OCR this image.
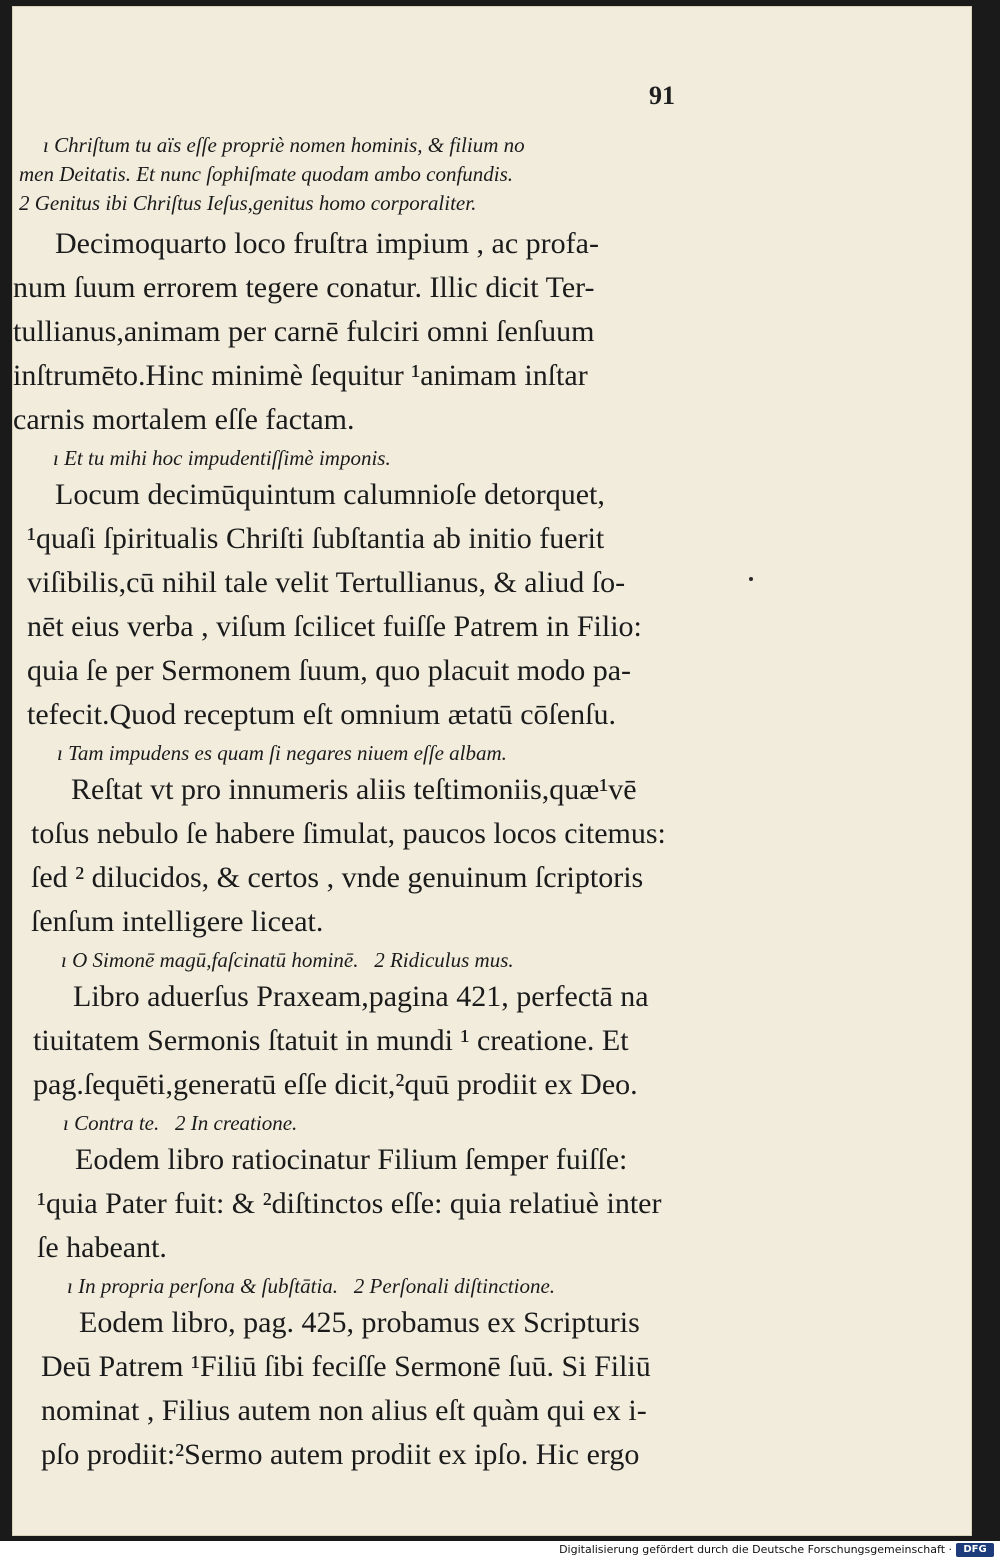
91
ı Chriſtum tu aïs eſſe propriè nomen hominis, & filium no
men Deitatis. Et nunc ſophiſmate quodam ambo confundis.
2 Genitus ibi Chriſtus Ieſus,genitus homo corporaliter.
Decimoquarto loco fruſtra impium , ac profa-
num ſuum errorem tegere conatur. Illic dicit Ter-
tullianus,animam per carnē fulciri omni ſenſuum
inſtrumēto.Hinc minimè ſequitur ¹animam inſtar
carnis mortalem eſſe factam.
ı Et tu mihi hoc impudentiſſimè imponis.
Locum decimūquintum calumnioſe detorquet,
¹quaſi ſpiritualis Chriſti ſubſtantia ab initio fuerit
viſibilis,cū nihil tale velit Tertullianus, & aliud ſo-
nēt eius verba , viſum ſcilicet fuiſſe Patrem in Filio:
quia ſe per Sermonem ſuum, quo placuit modo pa-
tefecit.Quod receptum eſt omnium ætatū cōſenſu.
ı Tam impudens es quam ſi negares niuem eſſe albam.
Reſtat vt pro innumeris aliis teſtimoniis,quæ¹vē
toſus nebulo ſe habere ſimulat, paucos locos citemus:
ſed ² dilucidos, & certos , vnde genuinum ſcriptoris
ſenſum intelligere liceat.
ı O Simonē magū,faſcinatū hominē.   2 Ridiculus mus.
Libro aduerſus Praxeam,pagina 421, perfectā na
tiuitatem Sermonis ſtatuit in mundi ¹ creatione. Et
pag.ſequēti,generatū eſſe dicit,²quū prodiit ex Deo.
ı Contra te.   2 In creatione.
Eodem libro ratiocinatur Filium ſemper fuiſſe:
¹quia Pater fuit: & ²diſtinctos eſſe: quia relatiuè inter
ſe habeant.
ı In propria perſona & ſubſtātia.   2 Perſonali diſtinctione.
Eodem libro, pag. 425, probamus ex Scripturis
Deū Patrem ¹Filiū ſibi feciſſe Sermonē ſuū. Si Filiū
nominat , Filius autem non alius eſt quàm qui ex i-
pſo prodiit:²Sermo autem prodiit ex ipſo. Hic ergo
Digitalisierung gefördert durch die Deutsche Forschungsgemeinschaft ·	DFG
